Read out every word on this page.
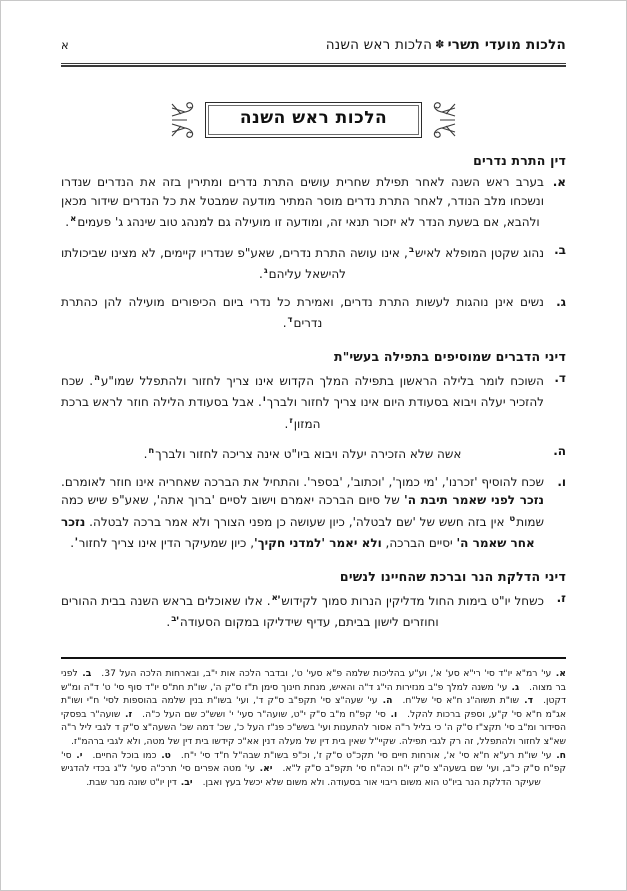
הלכות מועדי תשרי✽הלכות ראש השנה
א
הלכות ראש השנה
דין התרת נדרים
א.
בערב ראש השנה לאחר תפילת שחרית עושים התרת נדרים ומתירין בזה את הנדרים שנדרו ונשכחו מלב הנודר, לאחר התרת נדרים מוסר המתיר מודעה שמבטל את כל הנדרים שידור מכאן ולהבא, אם בשעת הנדר לא יזכור תנאי זה, ומודעה זו מועילה גם למנהג טוב שינהג ג' פעמים$^א$.
ב.
נהוג שקטן המופלא לאיש$^ב$, אינו עושה התרת נדרים, שאע"פ שנדריו קיימים, לא מצינו שביכולתו להישאל עליהם$^ג$.
ג.
נשים אינן נוהגות לעשות התרת נדרים, ואמירת כל נדרי ביום הכיפורים מועילה להן כהתרת נדרים$^ד$.
דיני הדברים שמוסיפים בתפילה בעשי"ת
ד.
השוכח לומר בלילה הראשון בתפילה המלך הקדוש אינו צריך לחזור ולהתפלל שמו"ע$^ה$. שכח להזכיר יעלה ויבוא בסעודת היום אינו צריך לחזור ולברך$^ו$. אבל בסעודת הלילה חוזר לראש ברכת המזון$^ז$.
ה.
אשה שלא הזכירה יעלה ויבוא ביו"ט אינה צריכה לחזור ולברך$^ח$.
ו.
שכח להוסיף 'זכרנו', 'מי כמוך', 'וכתוב', 'בספר'. והתחיל את הברכה שאחריה אינו חוזר לאומרם. נזכר לפני שאמר תיבת ה' של סיום הברכה יאמרם וישוב לסיים 'ברוך אתה', שאע"פ שיש כמה שמות$^ט$ אין בזה חשש של 'שם לבטלה', כיון שעושה כן מפני הצורך ולא אמר ברכה לבטלה. נזכר אחר שאמר ה' יסיים הברכה, ולא יאמר 'למדני חקיך', כיון שמעיקר הדין אינו צריך לחזור$^י$.
דיני הדלקת הנר וברכת שהחיינו לנשים
ז.
כשחל יו"ט בימות החול מדליקין הנרות סמוך לקידוש$^{יא}$. אלו שאוכלים בראש השנה בבית ההורים וחוזרים לישון בביתם, עדיף שידליקו במקום הסעודה$^{יב}$.
א. עי' רמ"א יו"ד סי' רי"א סע' א', וע"ע בהליכות שלמה פ"א סעי' ט', ובדבר הלכה אות י"ב, ובארחות הלכה העל 37. ב. לפני בר מצוה. ג. עי' משנה למלך פ"ב מנזירות הי"ג ד"ה והאיש, מנחת חינוך סימן ת"ז ס"ק ה', שו"ת חת"ס יו"ד סוף סי' ט' ד"ה ומ"ש דקטן. ד. שו"ת תשוה"נ ח"א סי' של"ח. ה. עי' שעה"צ סי' תקפ"ב ס"ק ד', ועי' בשו"ת בנין שלמה בהוספות לסי' ח"י ושו"ת אג"מ ח"א סי' ק"ע, וספק ברכות להקל. ו. סי' קפ"ח מ"ב ס"ק י"ט, שועה"ר סעי' י' ושש"כ שם העל כ"ה. ז. שועה"ר בפסקי הסידור ומ"ב סי' תקצ"ז ס"ק ה' כי בליל ר"ה אסור להתענות ועי' בשש"כ פנ"ז העל כ', שכ' דמה שכ' השעה"צ ס"ק ד לגבי ליל ר"ה שא"צ לחזור ולהתפלל, זה רק לגבי תפילה. שקיי"ל שאין בית דין של מעלה דנין אא"כ קידשו בית דין של מטה, ולא לגבי ברהמ"ז. ח. עי' שו"ת רע"א ח"א סי' א', אורחות חיים סי' תקכ"ט ס"ק ז', וכ"פ בשו"ת שבה"ל ח"ד סי' י"ח. ט. כמו בוכל החיים. י. סי' קפ"ח ס"ק כ"ב, ועי' שם בשעה"צ ס"ק י"ח וכה"ח סי' תקפ"ב ס"ק ל"א. יא. עי' מטה אפרים סי' תרכ"ה סעי' ל"ג בכדי להדגיש שעיקר הדלקת הנר ביו"ט הוא משום ריבוי אור בסעודה. ולא משום שלא יכשל בעץ ואבן. יב. דין יו"ט שונה מנר שבת.
